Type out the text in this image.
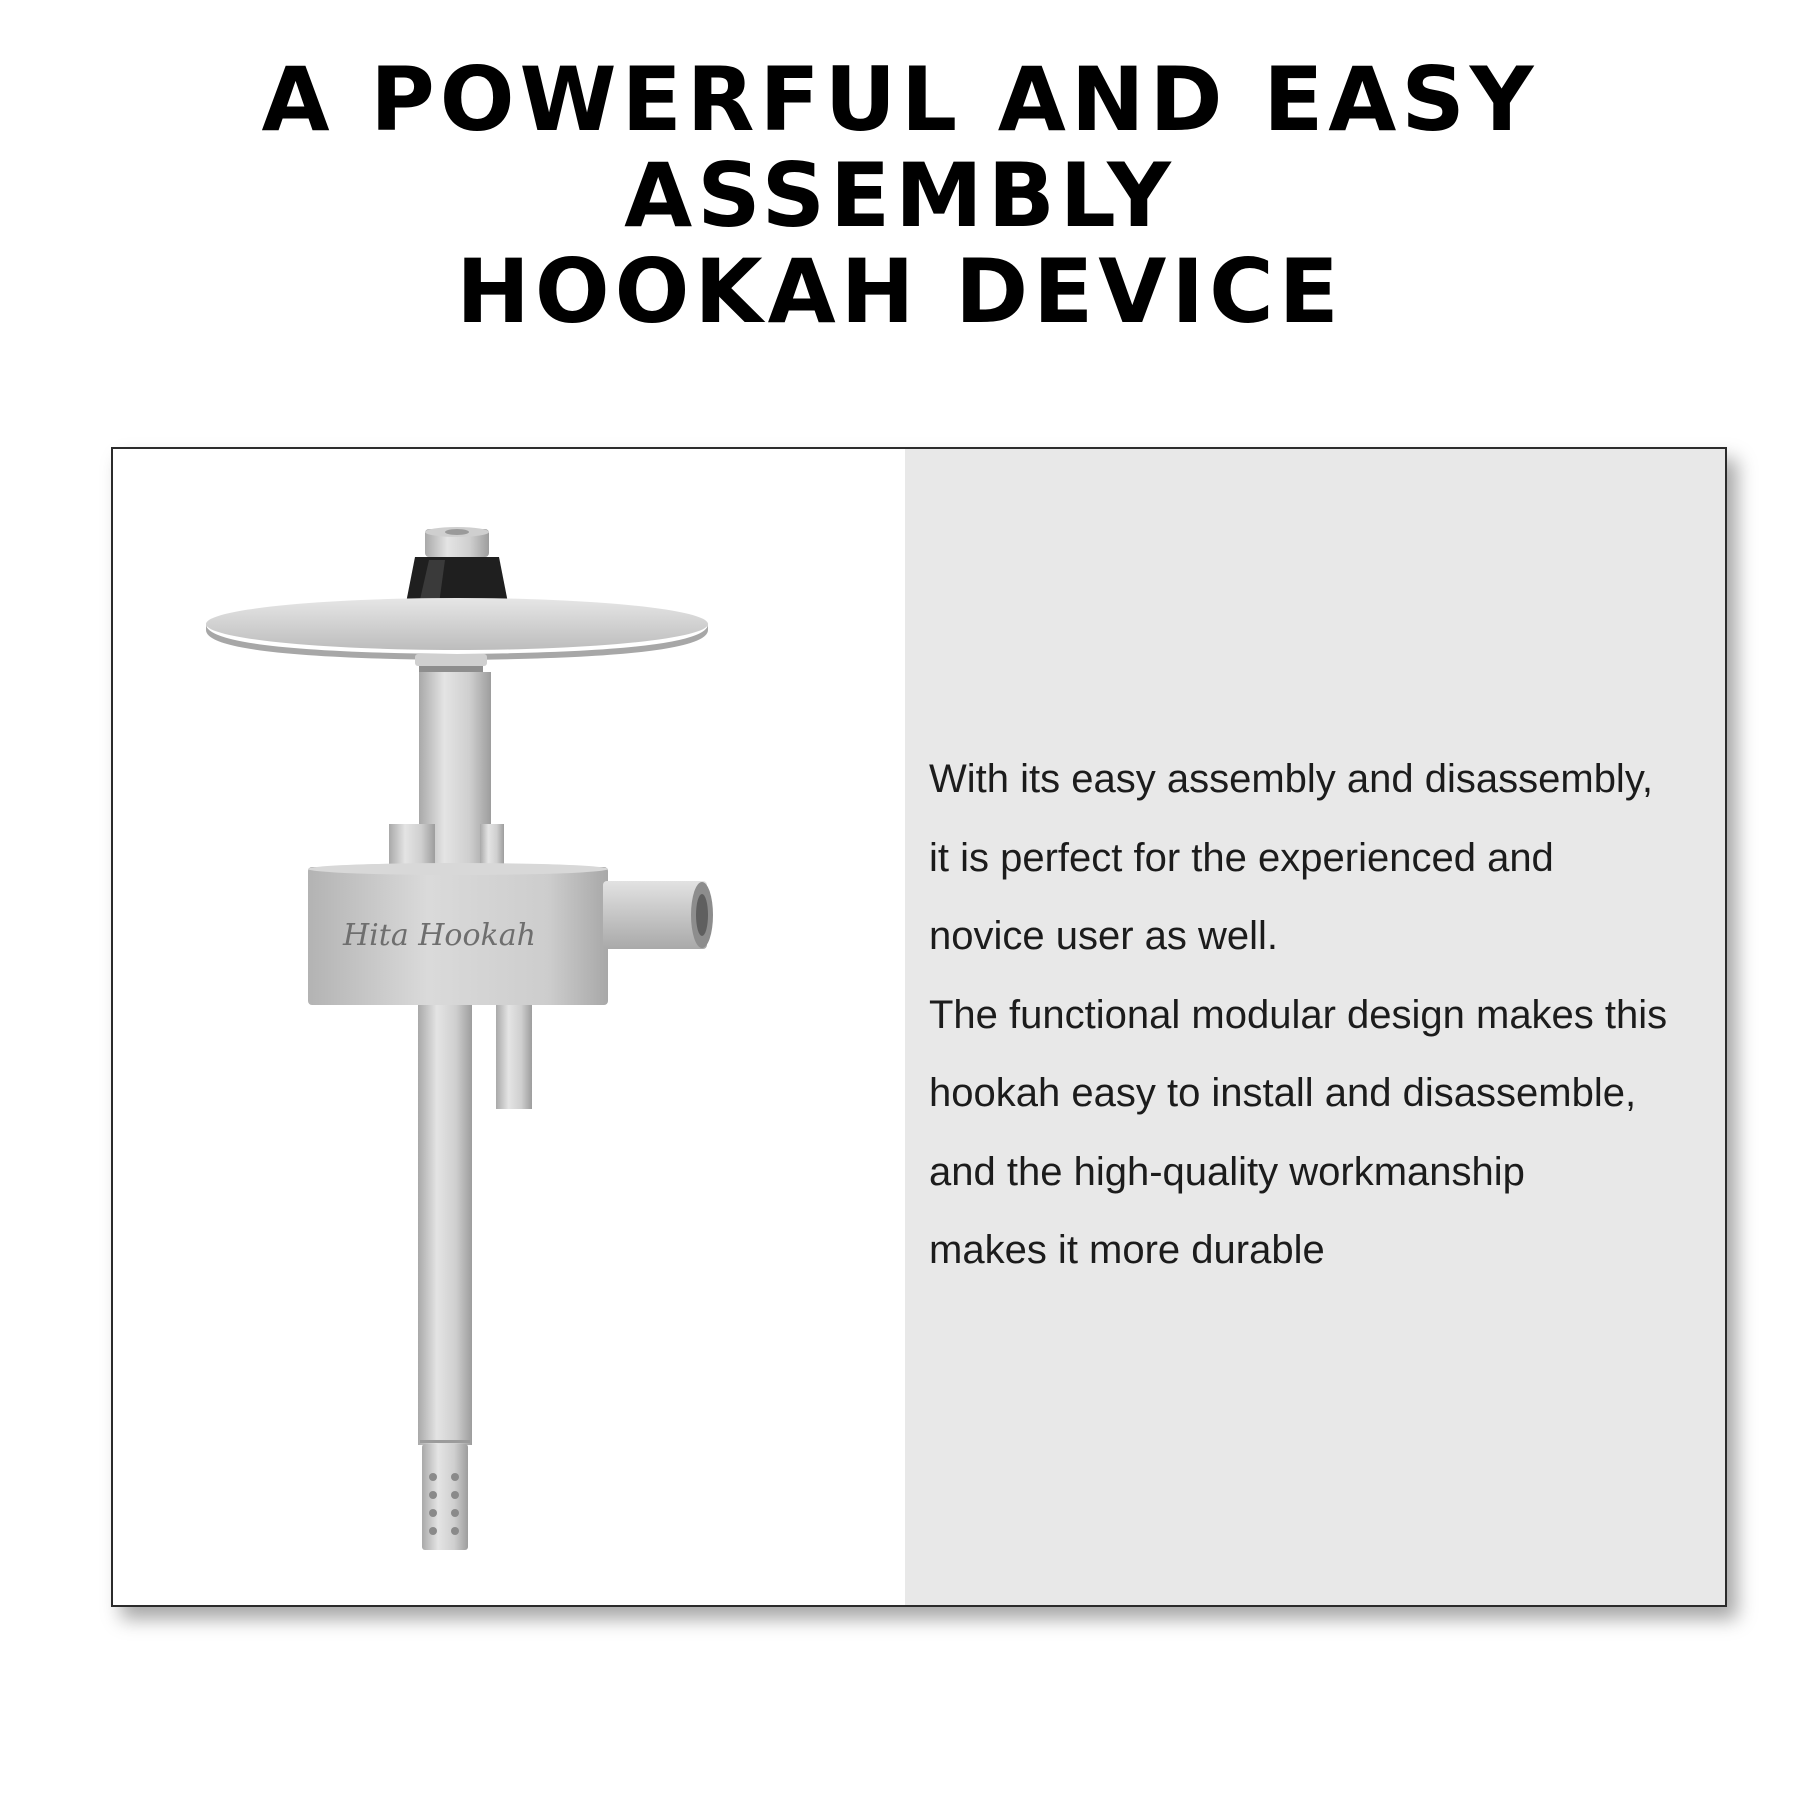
A POWERFUL AND EASY ASSEMBLY
HOOKAH DEVICE
Hita Hookah
With its easy assembly and disassembly,
it is perfect for the experienced and
novice user as well.
The functional modular design makes this
hookah easy to install and disassemble,
and the high-quality workmanship
makes it more durable
